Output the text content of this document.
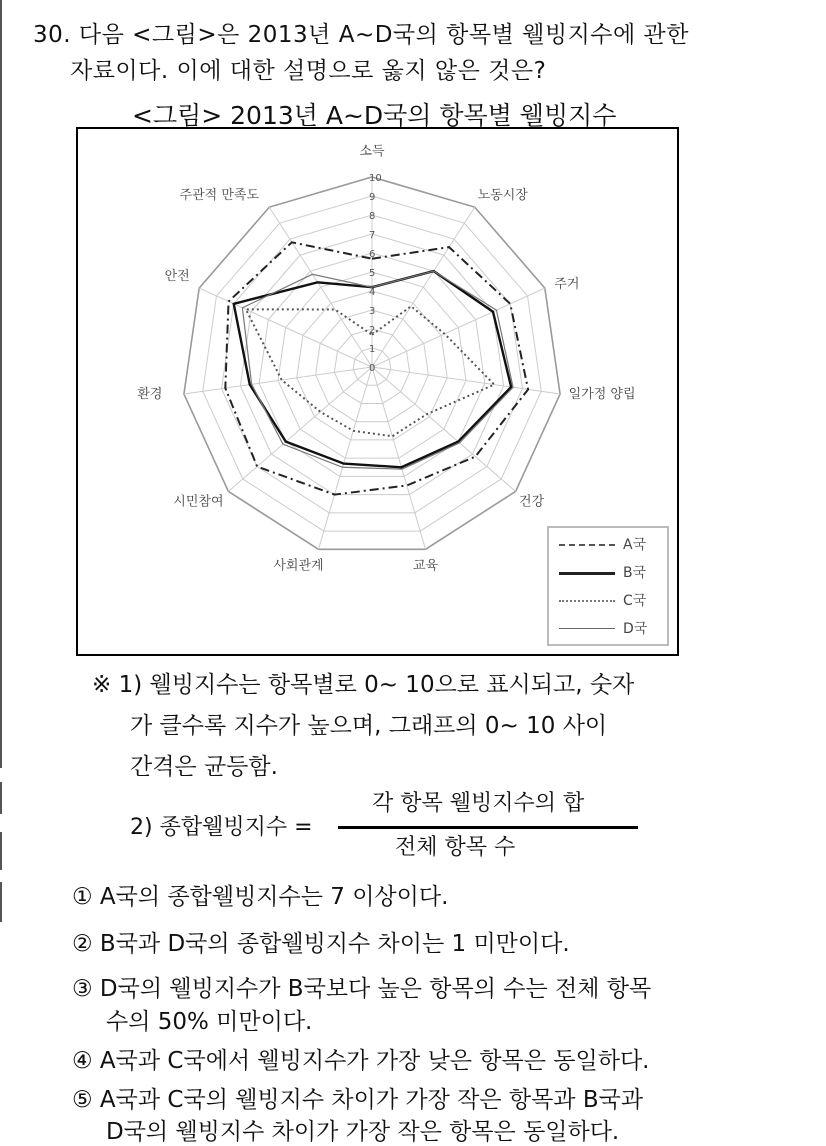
30. 다음 <그림>은 2013년 A~D국의 항목별 웰빙지수에 관한
자료이다. 이에 대한 설명으로 옳지 않은 것은?
<그림> 2013년 A~D국의 항목별 웰빙지수
0
1
2
3
4
5
6
7
8
9
10
소득
노동시장
주거
일가정 양립
건강
교육
사회관계
시민참여
환경
안전
주관적 만족도
A국
B국
C국
D국
※ 1) 웰빙지수는 항목별로 0~ 10으로 표시되고, 숫자
가 클수록 지수가 높으며, 그래프의 0~ 10 사이
간격은 균등함.
2) 종합웰빙지수 =
각 항목 웰빙지수의 합
전체 항목 수
① A국의 종합웰빙지수는 7 이상이다.
② B국과 D국의 종합웰빙지수 차이는 1 미만이다.
③ D국의 웰빙지수가 B국보다 높은 항목의 수는 전체 항목
수의 50% 미만이다.
④ A국과 C국에서 웰빙지수가 가장 낮은 항목은 동일하다.
⑤ A국과 C국의 웰빙지수 차이가 가장 작은 항목과 B국과
D국의 웰빙지수 차이가 가장 작은 항목은 동일하다.
